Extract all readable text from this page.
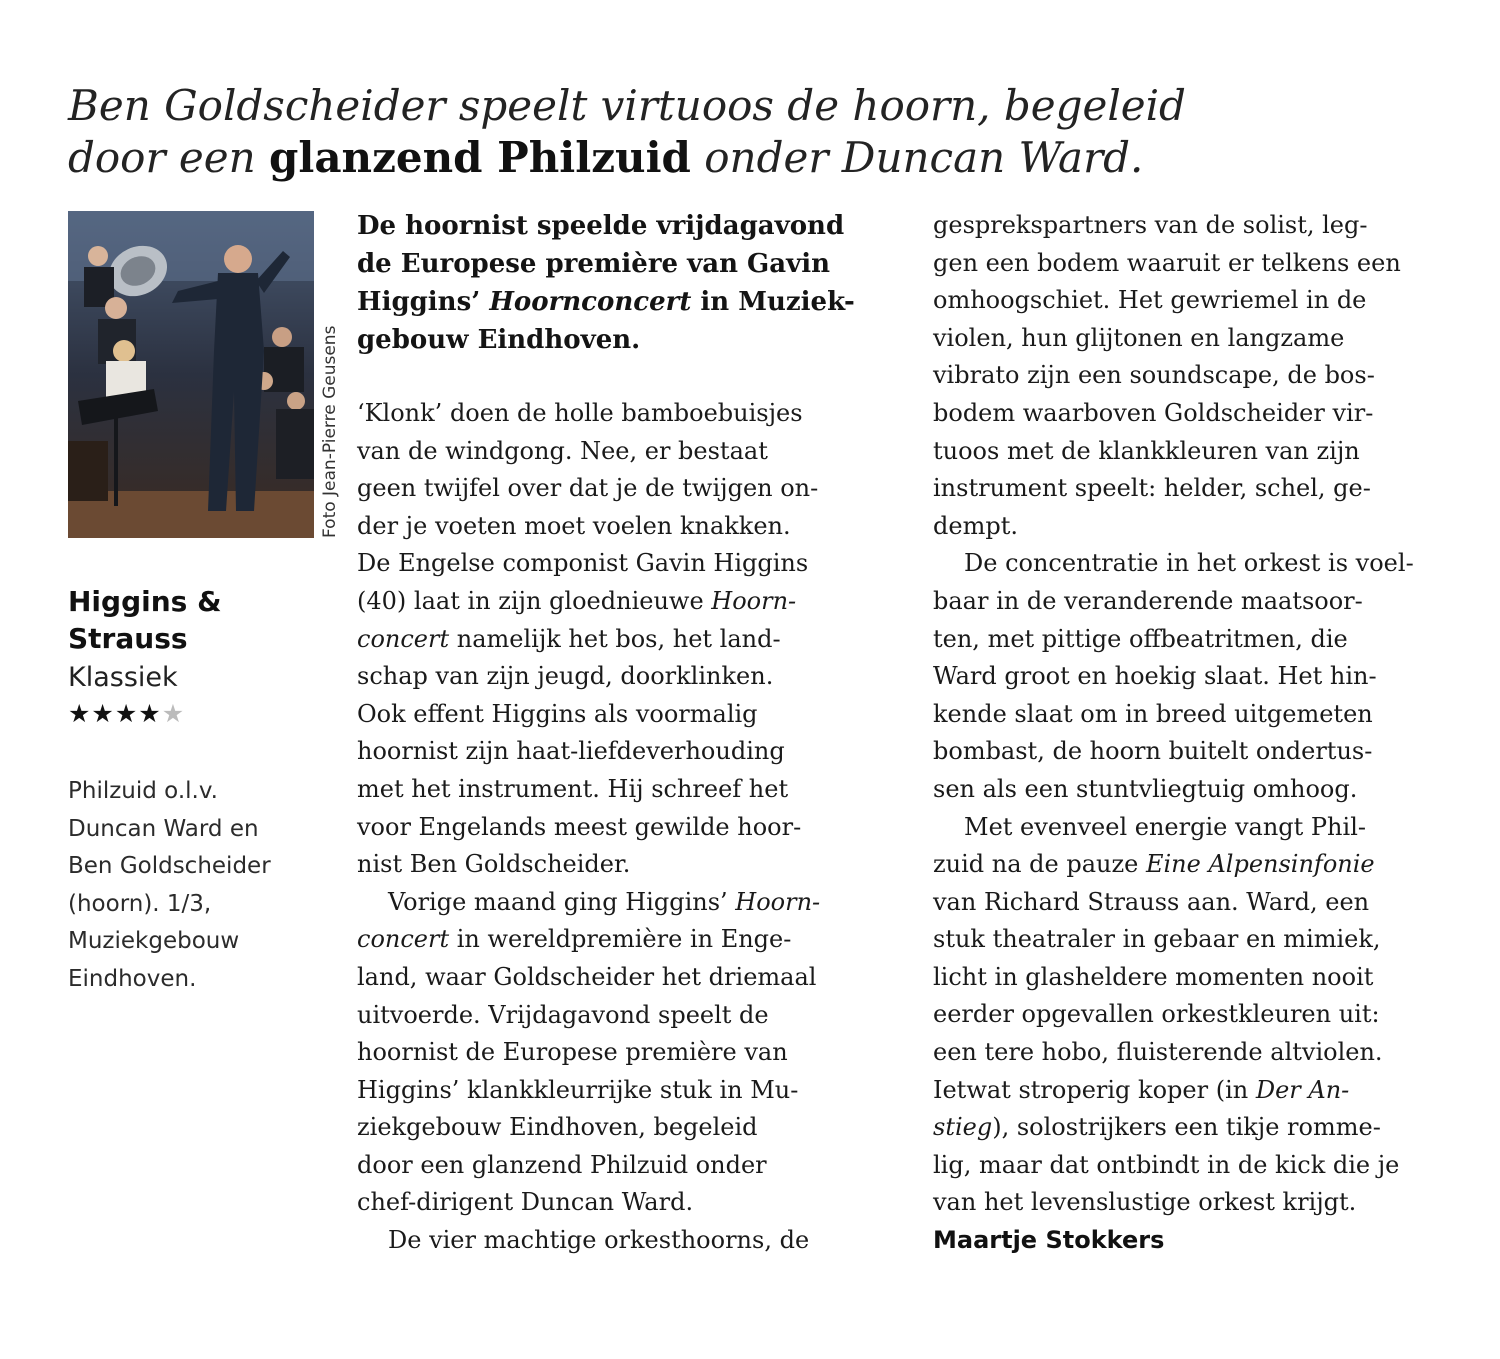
Ben Goldscheider speelt virtuoos de hoorn, begeleid
door een glanzend Philzuid onder Duncan Ward.
Foto Jean-Pierre Geusens
Higgins &
Strauss
Klassiek
★★★★★
Philzuid o.l.v.
Duncan Ward en
Ben Goldscheider
(hoorn). 1/3,
Muziekgebouw
Eindhoven.
De hoornist speelde vrijdagavond
de Europese première van Gavin
Higgins’ Hoornconcert in Muziek-
gebouw Eindhoven.
‘Klonk’ doen de holle bamboebuisjes
van de windgong. Nee, er bestaat
geen twijfel over dat je de twijgen on-
der je voeten moet voelen knakken.
De Engelse componist Gavin Higgins
(40) laat in zijn gloednieuwe Hoorn-
concert namelijk het bos, het land-
schap van zijn jeugd, doorklinken.
Ook effent Higgins als voormalig
hoornist zijn haat-liefdeverhouding
met het instrument. Hij schreef het
voor Engelands meest gewilde hoor-
nist Ben Goldscheider.
Vorige maand ging Higgins’ Hoorn-
concert in wereldpremière in Enge-
land, waar Goldscheider het driemaal
uitvoerde. Vrijdagavond speelt de
hoornist de Europese première van
Higgins’ klankkleurrijke stuk in Mu-
ziekgebouw Eindhoven, begeleid
door een glanzend Philzuid onder
chef-dirigent Duncan Ward.
De vier machtige orkesthoorns, de
gesprekspartners van de solist, leg-
gen een bodem waaruit er telkens een
omhoogschiet. Het gewriemel in de
violen, hun glijtonen en langzame
vibrato zijn een soundscape, de bos-
bodem waarboven Goldscheider vir-
tuoos met de klankkleuren van zijn
instrument speelt: helder, schel, ge-
dempt.
De concentratie in het orkest is voel-
baar in de veranderende maatsoor-
ten, met pittige offbeatritmen, die
Ward groot en hoekig slaat. Het hin-
kende slaat om in breed uitgemeten
bombast, de hoorn buitelt ondertus-
sen als een stuntvliegtuig omhoog.
Met evenveel energie vangt Phil-
zuid na de pauze Eine Alpensinfonie
van Richard Strauss aan. Ward, een
stuk theatraler in gebaar en mimiek,
licht in glasheldere momenten nooit
eerder opgevallen orkestkleuren uit:
een tere hobo, fluisterende altviolen.
Ietwat stroperig koper (in Der An-
stieg), solostrijkers een tikje romme-
lig, maar dat ontbindt in de kick die je
van het levenslustige orkest krijgt.
Maartje Stokkers
